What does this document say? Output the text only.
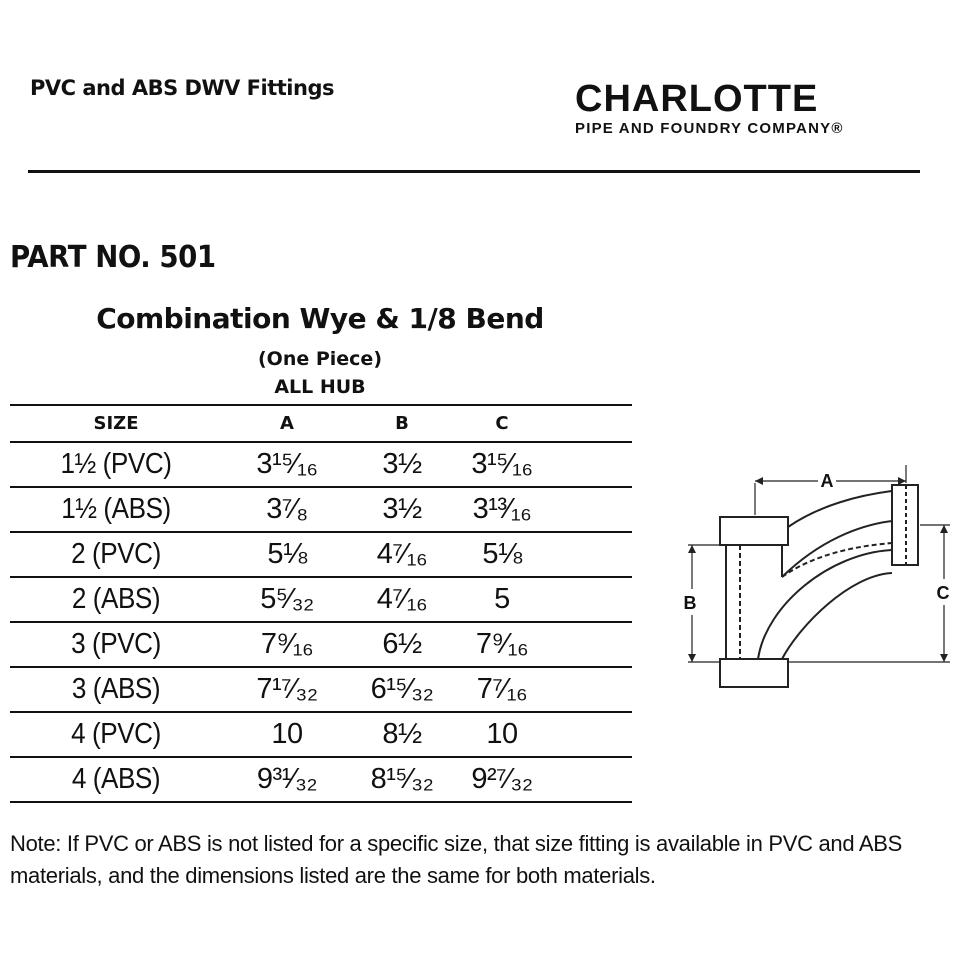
PVC and ABS DWV Fittings	CHARLOTTE
PIPE AND FOUNDRY COMPANY®
PART NO. 501
Combination Wye & 1/8 Bend
(One Piece)
ALL HUB
SIZE	A	B	C	
1½ (PVC)	3¹⁵⁄₁₆	3½	3¹⁵⁄₁₆	
1½ (ABS)	3⁷⁄₈	3½	3¹³⁄₁₆	
2 (PVC)	5⅛	4⁷⁄₁₆	5⅛	
2 (ABS)	5⁵⁄₃₂	4⁷⁄₁₆	5	
3 (PVC)	7⁹⁄₁₆	6½	7⁹⁄₁₆	
3 (ABS)	7¹⁷⁄₃₂	6¹⁵⁄₃₂	7⁷⁄₁₆	
4 (PVC)	10	8½	10	
4 (ABS)	9³¹⁄₃₂	8¹⁵⁄₃₂	9²⁷⁄₃₂	
A
B	C
Note: If PVC or ABS is not listed for a specific size, that size fitting is available in PVC and ABS materials, and the dimensions listed are the same for both materials.
